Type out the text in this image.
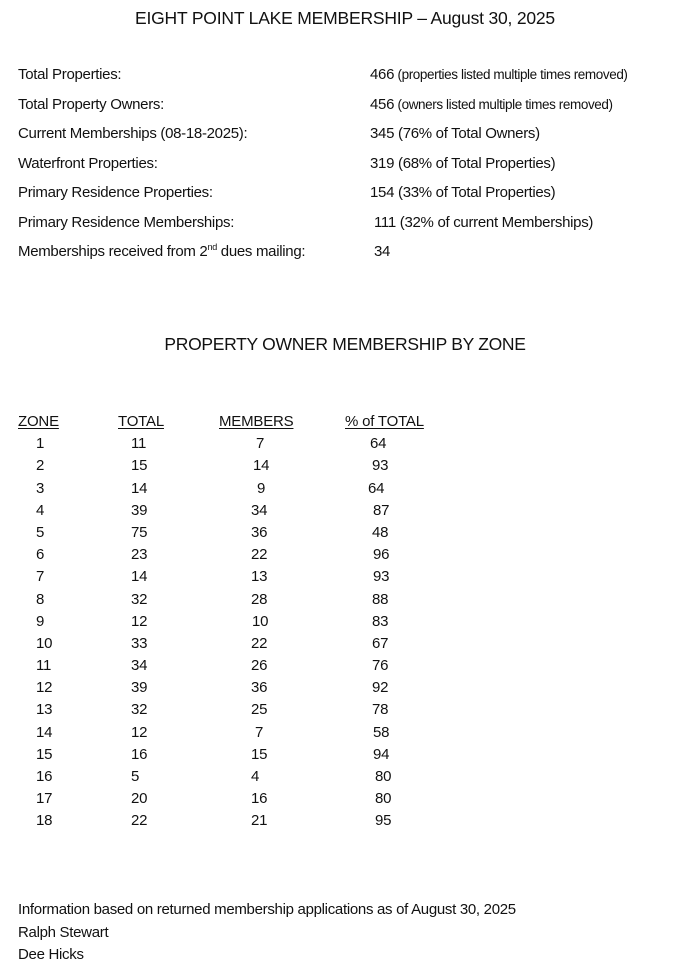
EIGHT POINT LAKE MEMBERSHIP – August 30, 2025
Total Properties:	466 (properties listed multiple times removed)
Total Property Owners:	456 (owners listed multiple times removed)
Current Memberships (08-18-2025):	345 (76% of Total Owners)
Waterfront Properties:	319 (68% of Total Properties)
Primary Residence Properties:	154 (33% of Total Properties)
Primary Residence Memberships:	111 (32% of current Memberships)
Memberships received from 2nd dues mailing:	34
PROPERTY OWNER MEMBERSHIP BY ZONE
ZONE	TOTAL	MEMBERS	% of TOTAL
1	11	7	64
2	15	14	93
3	14	9	64
4	39	34	87
5	75	36	48
6	23	22	96
7	14	13	93
8	32	28	88
9	12	10	83
10	33	22	67
11	34	26	76
12	39	36	92
13	32	25	78
14	12	7	58
15	16	15	94
16	5	4	80
17	20	16	80
18	22	21	95
Information based on returned membership applications as of August 30, 2025
Ralph Stewart
Dee Hicks
